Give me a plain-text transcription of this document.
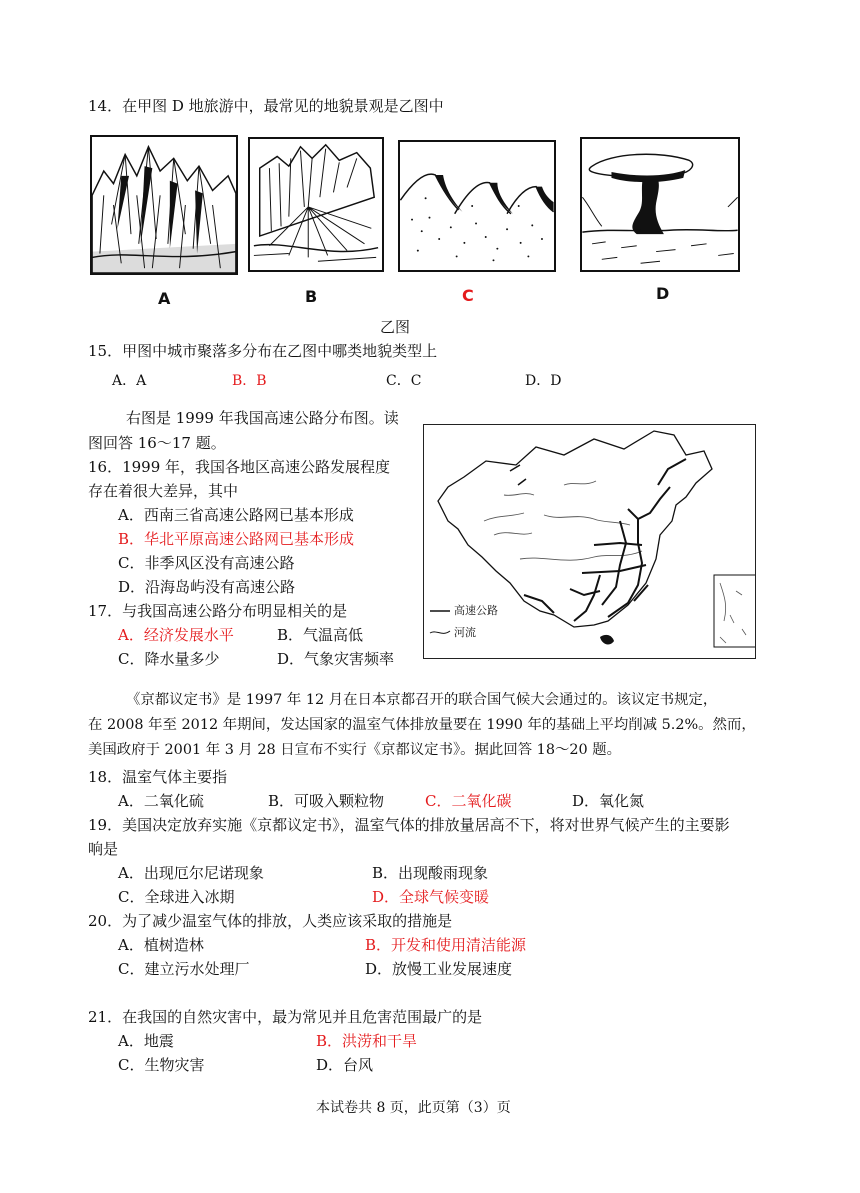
14．在甲图 D 地旅游中，最常见的地貌景观是乙图中
A	B	C	D
乙图
15．甲图中城市聚落多分布在乙图中哪类地貌类型上
A．A	B．B	C．C	D．D
右图是 1999 年我国高速公路分布图。读
图回答 16～17 题。
16．1999 年，我国各地区高速公路发展程度
存在着很大差异，其中
A．西南三省高速公路网已基本形成
B．华北平原高速公路网已基本形成
C．非季风区没有高速公路
D．沿海岛屿没有高速公路
17．与我国高速公路分布明显相关的是
A．经济发展水平	B．气温高低
C．降水量多少	D．气象灾害频率
高速公路
河流
《京都议定书》是 1997 年 12 月在日本京都召开的联合国气候大会通过的。该议定书规定，
在 2008 年至 2012 年期间，发达国家的温室气体排放量要在 1990 年的基础上平均削减 5.2%。然而，
美国政府于 2001 年 3 月 28 日宣布不实行《京都议定书》。据此回答 18～20 题。
18．温室气体主要指
A．二氧化硫	B．可吸入颗粒物	C．二氧化碳	D．氧化氮
19．美国决定放弃实施《京都议定书》，温室气体的排放量居高不下，将对世界气候产生的主要影
响是
A．出现厄尔尼诺现象	B．出现酸雨现象
C．全球进入冰期	D．全球气候变暖
20．为了减少温室气体的排放，人类应该采取的措施是
A．植树造林	B．开发和使用清洁能源
C．建立污水处理厂	D．放慢工业发展速度
21．在我国的自然灾害中，最为常见并且危害范围最广的是
A．地震	B．洪涝和干旱
C．生物灾害	D．台风
本试卷共 8 页，此页第（3）页
